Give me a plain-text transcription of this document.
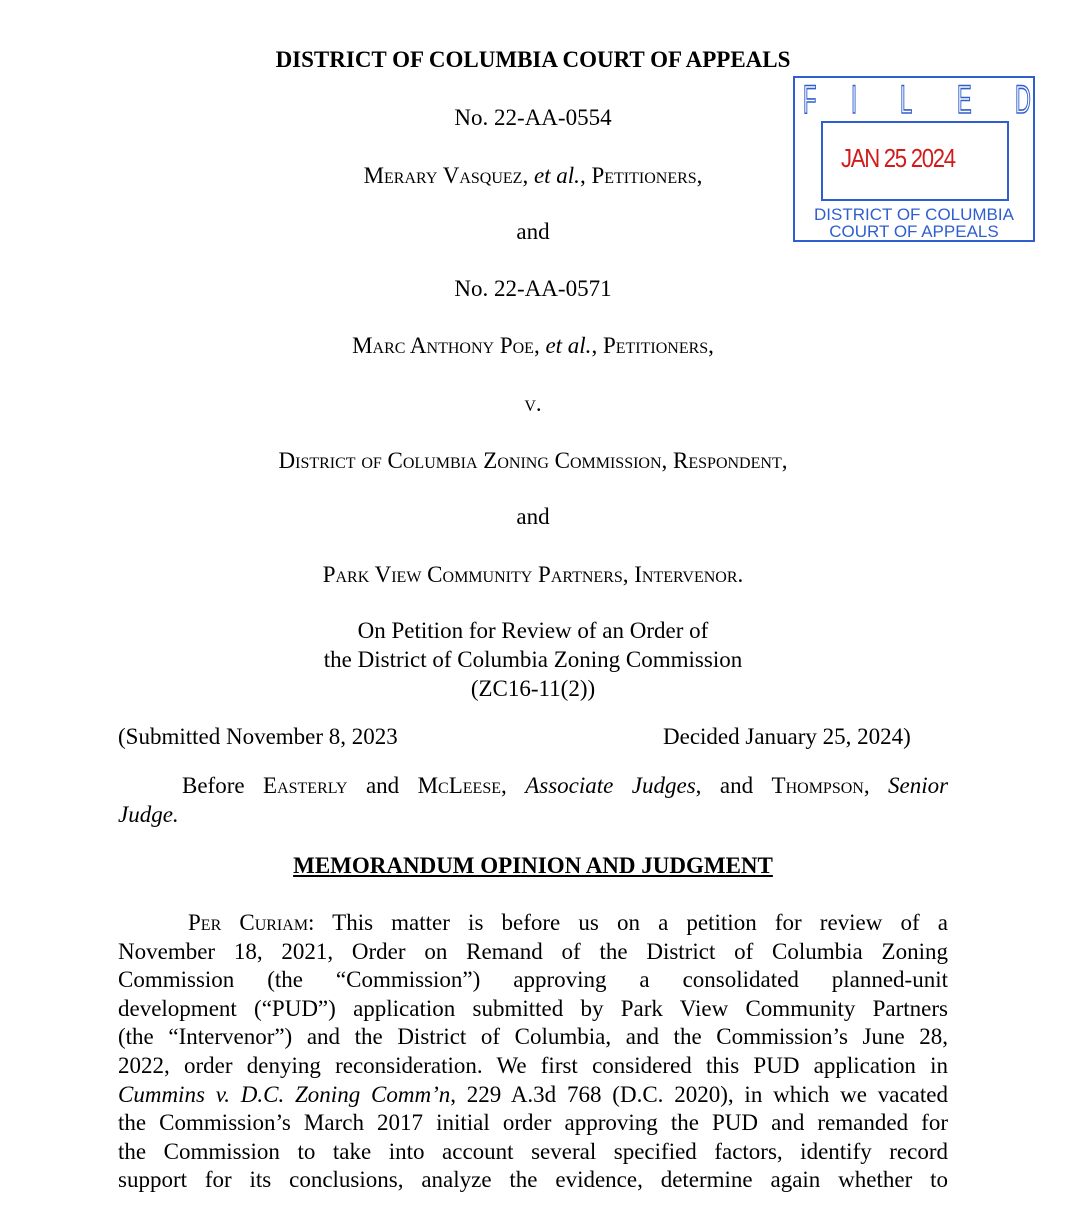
DISTRICT OF COLUMBIA COURT OF APPEALS
No. 22-AA-0554
Merary Vasquez, et al., Petitioners,
and
No. 22-AA-0571
Marc Anthony Poe, et al., Petitioners,
v.
District of Columbia Zoning Commission, Respondent,
and
Park View Community Partners, Intervenor.
On Petition for Review of an Order of
the District of Columbia Zoning Commission
(ZC16-11(2))
(Submitted November 8, 2023	Decided January 25, 2024)
Before Easterly and McLeese, Associate Judges, and Thompson, Senior
Judge.
MEMORANDUM OPINION AND JUDGMENT
Per Curiam: This matter is before us on a petition for review of a
November 18, 2021, Order on Remand of the District of Columbia Zoning
Commission (the “Commission”) approving a consolidated planned-unit
development (“PUD”) application submitted by Park View Community Partners
(the “Intervenor”) and the District of Columbia, and the Commission’s June 28,
2022, order denying reconsideration. We first considered this PUD application in
Cummins v. D.C. Zoning Comm’n, 229 A.3d 768 (D.C. 2020), in which we vacated
the Commission’s March 2017 initial order approving the PUD and remanded for
the Commission to take into account several specified factors, identify record
support for its conclusions, analyze the evidence, determine again whether to
F I L E D
JAN 25 2024
DISTRICT OF COLUMBIA
COURT OF APPEALS
